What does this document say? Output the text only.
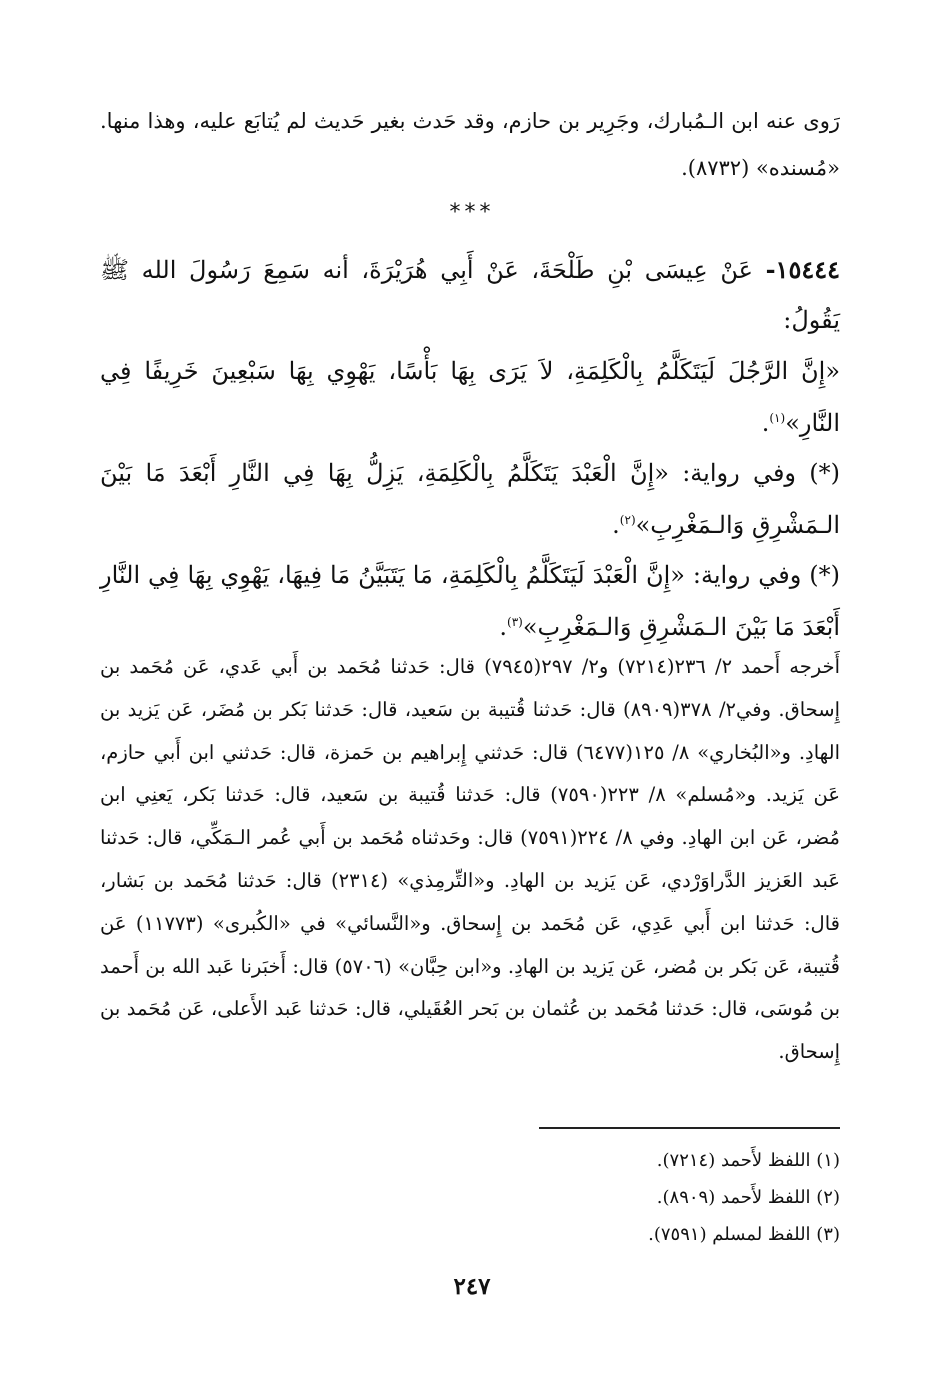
رَوى عنه ابن الـمُبارك، وجَرِير بن حازم، وقد حَدث بغير حَديث لم يُتابَع عليه، وهذا منها. «مُسنده» (٨٧٣٢).

***

١٥٤٤٤- عَنْ عِيسَى بْنِ طَلْحَةَ، عَنْ أَبِي هُرَيْرَةَ، أنه سَمِعَ رَسُولَ الله ﷺ يَقُولُ:

«إِنَّ الرَّجُلَ لَيَتَكَلَّمُ بِالْكَلِمَةِ، لاَ يَرَى بِهَا بَأْسًا، يَهْوِي بِهَا سَبْعِينَ خَرِيفًا فِي النَّارِ»$^{(١)}$.

(*) وفي رواية: «إِنَّ الْعَبْدَ يَتَكَلَّمُ بِالْكَلِمَةِ، يَزِلُّ بِهَا فِي النَّارِ أَبْعَدَ مَا بَيْنَ الـمَشْرِقِ وَالـمَغْرِبِ»$^{(٢)}$.

(*) وفي رواية: «إِنَّ الْعَبْدَ لَيَتَكَلَّمُ بِالْكَلِمَةِ، مَا يَتَبَيَّنُ مَا فِيهَا، يَهْوِي بِهَا فِي النَّارِ أَبْعَدَ مَا بَيْنَ الـمَشْرِقِ وَالـمَغْرِبِ»$^{(٣)}$.

أَخرجه أَحمد ٢/ ٢٣٦(٧٢١٤) و٢/ ٢٩٧(٧٩٤٥) قال: حَدثنا مُحَمد بن أَبي عَدي، عَن مُحَمد بن إِسحاق. وفي٢/ ٣٧٨(٨٩٠٩) قال: حَدثنا قُتيبة بن سَعيد، قال: حَدثنا بَكر بن مُضَر، عَن يَزيد بن الهادِ. و«البُخاري» ٨/ ١٢٥(٦٤٧٧) قال: حَدثني إِبراهيم بن حَمزة، قال: حَدثني ابن أَبي حازم، عَن يَزيد. و«مُسلم» ٨/ ٢٢٣(٧٥٩٠) قال: حَدثنا قُتيبة بن سَعيد، قال: حَدثنا بَكر، يَعنِي ابن مُضر، عَن ابن الهادِ. وفي ٨/ ٢٢٤(٧٥٩١) قال: وحَدثناه مُحَمد بن أَبي عُمر الـمَكِّي، قال: حَدثنا عَبد العَزيز الدَّراوَرْدي، عَن يَزيد بن الهادِ. و«التِّرمِذي» (٢٣١٤) قال: حَدثنا مُحَمد بن بَشار، قال: حَدثنا ابن أَبي عَدِي، عَن مُحَمد بن إِسحاق. و«النَّسائي» في «الكُبرى» (١١٧٧٣) عَن قُتيبة، عَن بَكر بن مُضر، عَن يَزيد بن الهادِ. و«ابن حِبَّان» (٥٧٠٦) قال: أَخبَرنا عَبد الله بن أَحمد بن مُوسَى، قال: حَدثنا مُحَمد بن عُثمان بن بَحر العُقَيلي، قال: حَدثنا عَبد الأَعلى، عَن مُحَمد بن إِسحاق.

(١) اللفظ لأَحمد (٧٢١٤).
(٢) اللفظ لأَحمد (٨٩٠٩).
(٣) اللفظ لمسلم (٧٥٩١).
٢٤٧
